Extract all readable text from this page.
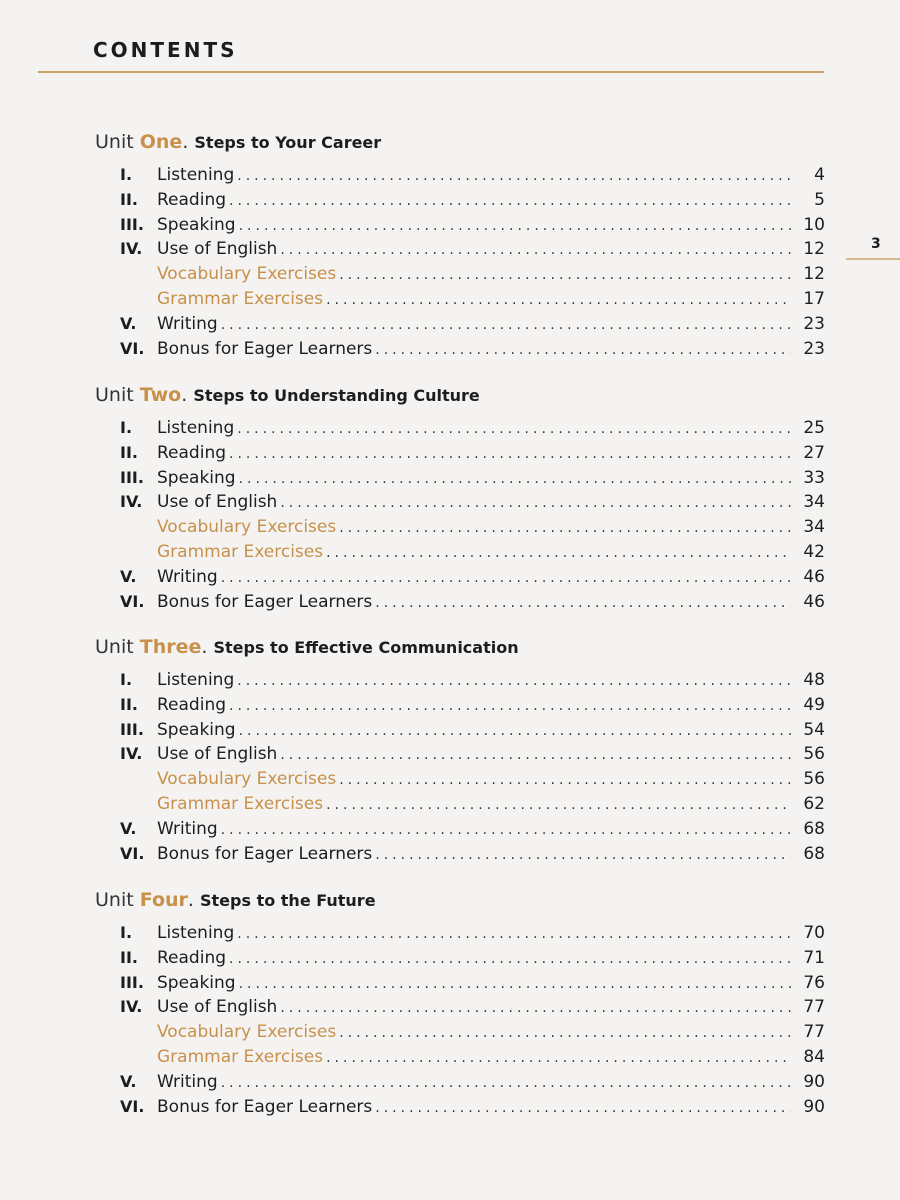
CONTENTS
3
Unit One. Steps to Your Career
I. Listening .....	4
II. Reading .....	5
III. Speaking .....	10
IV. Use of English .....	12
Vocabulary Exercises .....	12
Grammar Exercises .....	17
V. Writing .....	23
VI. Bonus for Eager Learners .....	23
Unit Two. Steps to Understanding Culture
I. Listening .....	25
II. Reading .....	27
III. Speaking .....	33
IV. Use of English .....	34
Vocabulary Exercises .....	34
Grammar Exercises .....	42
V. Writing .....	46
VI. Bonus for Eager Learners .....	46
Unit Three. Steps to Effective Communication
I. Listening .....	48
II. Reading .....	49
III. Speaking .....	54
IV. Use of English .....	56
Vocabulary Exercises .....	56
Grammar Exercises .....	62
V. Writing .....	68
VI. Bonus for Eager Learners .....	68
Unit Four. Steps to the Future
I. Listening .....	70
II. Reading .....	71
III. Speaking .....	76
IV. Use of English .....	77
Vocabulary Exercises .....	77
Grammar Exercises .....	84
V. Writing .....	90
VI. Bonus for Eager Learners .....	90
